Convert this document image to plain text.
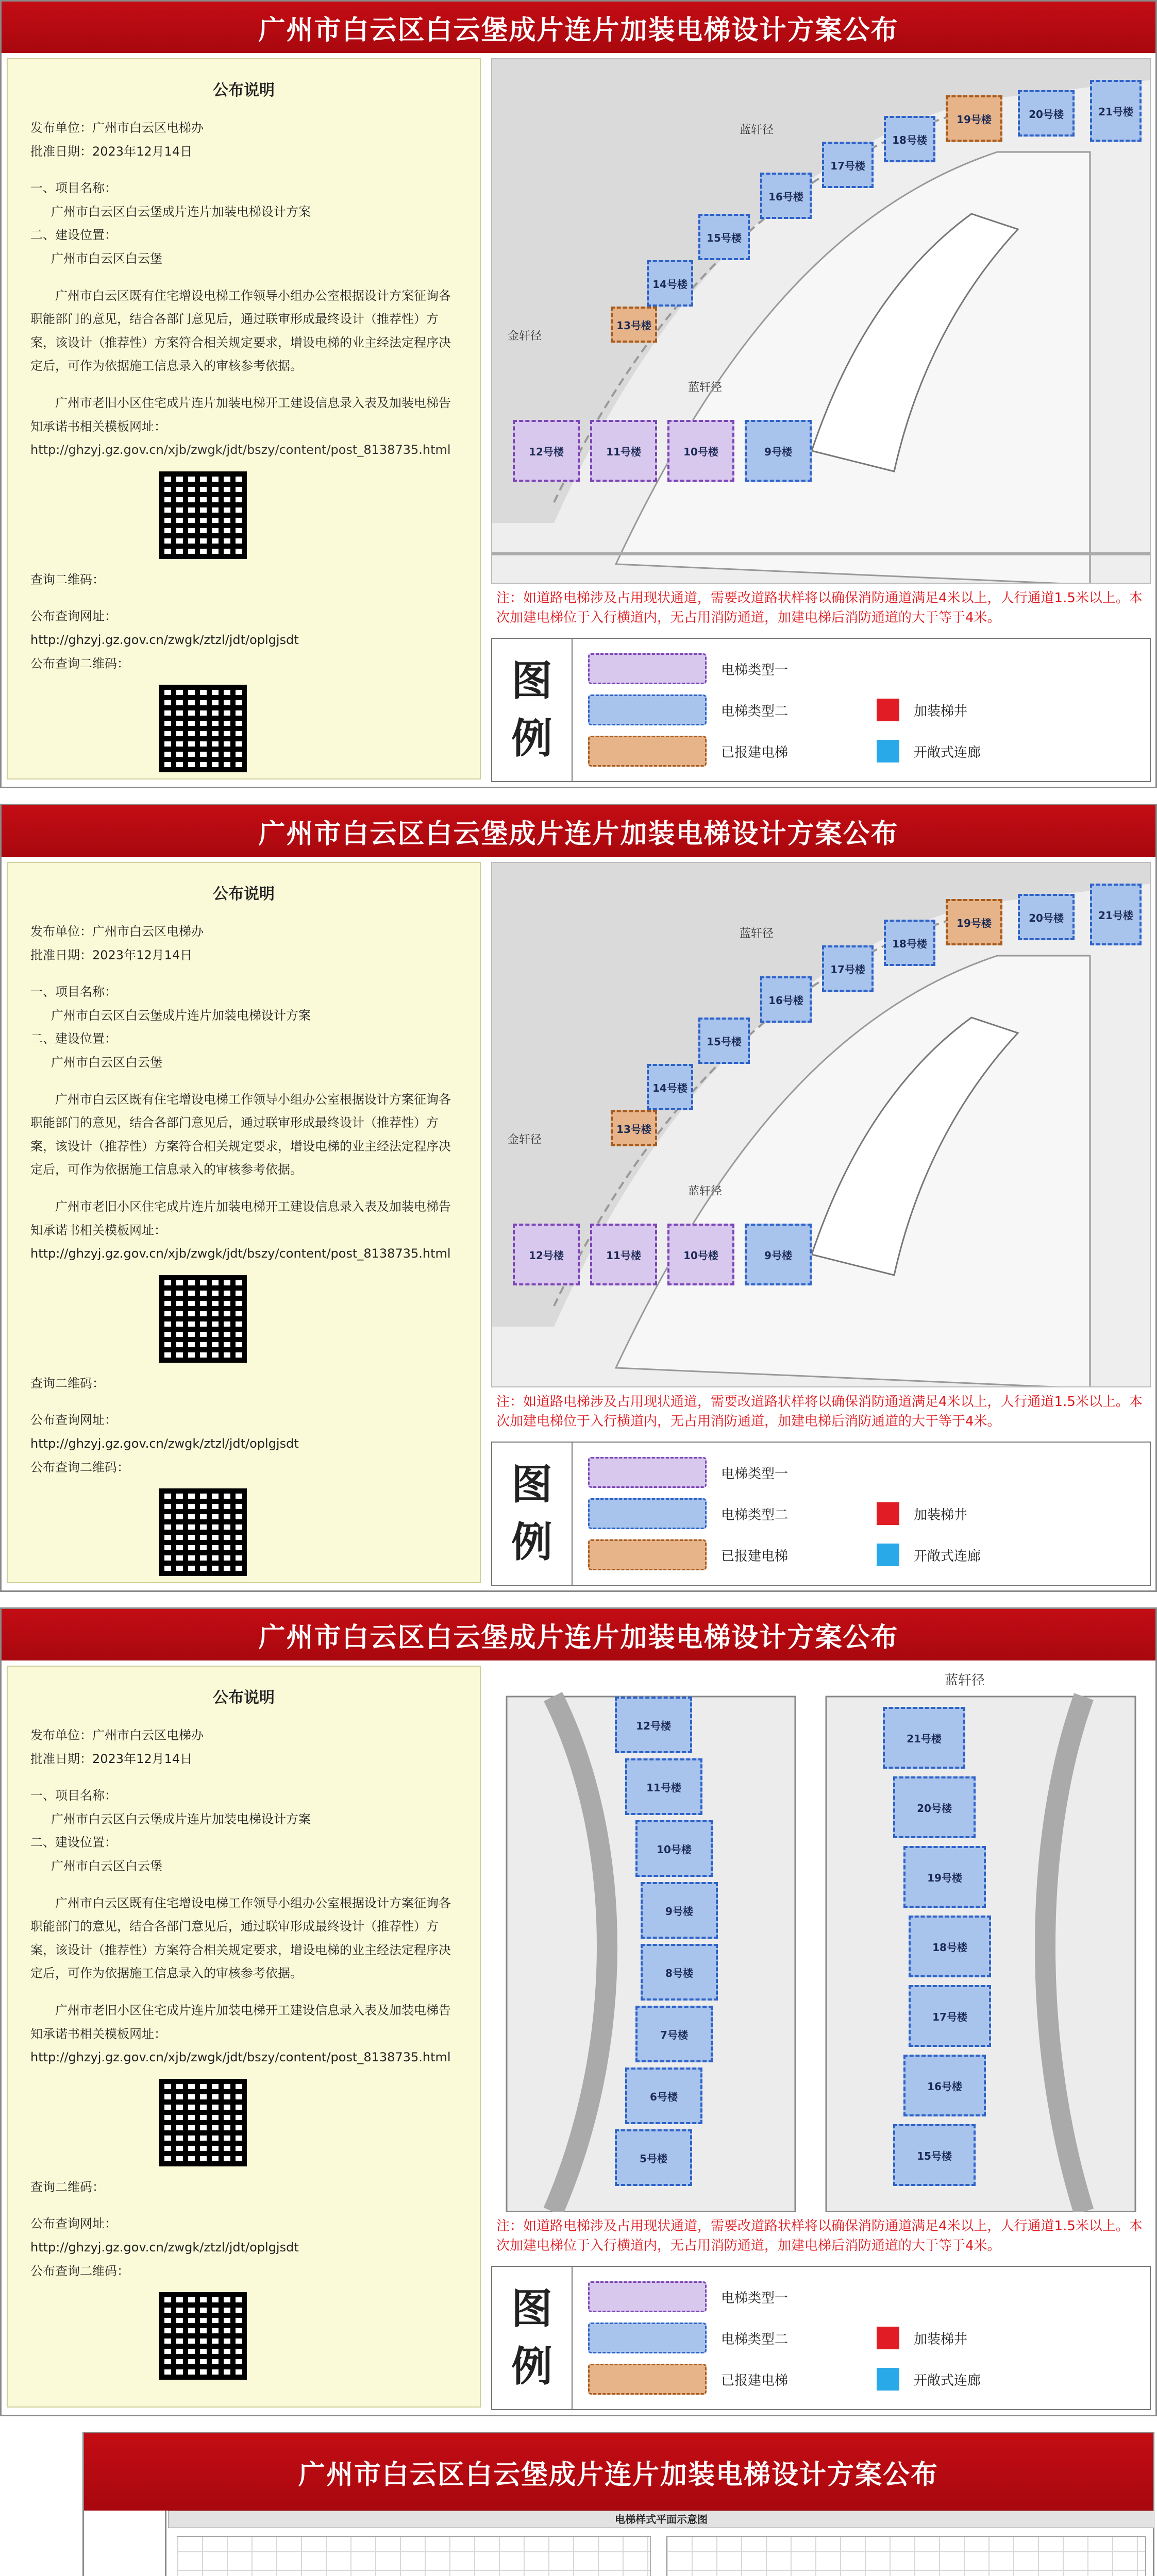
广州市白云区白云堡成片连片加装电梯设计方案公布
公布说明

发布单位：广州市白云区电梯办

批准日期：2023年12月14日

一、项目名称：

广州市白云区白云堡成片连片加装电梯设计方案

二、建设位置：

广州市白云区白云堡

广州市白云区既有住宅增设电梯工作领导小组办公室根据设计方案征询各职能部门的意见，结合各部门意见后，通过联审形成最终设计（推荐性）方案，该设计（推荐性）方案符合相关规定要求，增设电梯的业主经法定程序决定后，可作为依据施工信息录入的审核参考依据。

广州市老旧小区住宅成片连片加装电梯开工建设信息录入表及加装电梯告知承诺书相关模板网址：

http://ghzyj.gz.gov.cn/xjb/zwgk/jdt/bszy/content/post_8138735.html

查询二维码：

公布查询网址：

http://ghzyj.gz.gov.cn/zwgk/ztzl/jdt/oplgjsdt

公布查询二维码：

蓝轩径
蓝轩径
金轩径
20号楼	21号楼
19号楼
18号楼
17号楼
16号楼
15号楼
14号楼
13号楼
12号楼	11号楼	10号楼	9号楼
注：如道路电梯涉及占用现状通道，需要改道路状样将以确保消防通道满足4米以上，人行通道1.5米以上。本次加建电梯位于入行横道内，无占用消防通道，加建电梯后消防通道的大于等于4米。
图
例
电梯类型一
电梯类型二	加装梯井
已报建电梯	开敞式连廊
广州市白云区白云堡成片连片加装电梯设计方案公布
公布说明

发布单位：广州市白云区电梯办

批准日期：2023年12月14日

一、项目名称：

广州市白云区白云堡成片连片加装电梯设计方案

二、建设位置：

广州市白云区白云堡

广州市白云区既有住宅增设电梯工作领导小组办公室根据设计方案征询各职能部门的意见，结合各部门意见后，通过联审形成最终设计（推荐性）方案，该设计（推荐性）方案符合相关规定要求，增设电梯的业主经法定程序决定后，可作为依据施工信息录入的审核参考依据。

广州市老旧小区住宅成片连片加装电梯开工建设信息录入表及加装电梯告知承诺书相关模板网址：

http://ghzyj.gz.gov.cn/xjb/zwgk/jdt/bszy/content/post_8138735.html

查询二维码：

公布查询网址：

http://ghzyj.gz.gov.cn/zwgk/ztzl/jdt/oplgjsdt

公布查询二维码：

蓝轩径
蓝轩径
金轩径
20号楼	21号楼
19号楼
18号楼
17号楼
16号楼
15号楼
14号楼
13号楼
12号楼	11号楼	10号楼	9号楼
注：如道路电梯涉及占用现状通道，需要改道路状样将以确保消防通道满足4米以上，人行通道1.5米以上。本次加建电梯位于入行横道内，无占用消防通道，加建电梯后消防通道的大于等于4米。
图
例
电梯类型一
电梯类型二	加装梯井
已报建电梯	开敞式连廊
广州市白云区白云堡成片连片加装电梯设计方案公布
公布说明

发布单位：广州市白云区电梯办

批准日期：2023年12月14日

一、项目名称：

广州市白云区白云堡成片连片加装电梯设计方案

二、建设位置：

广州市白云区白云堡

广州市白云区既有住宅增设电梯工作领导小组办公室根据设计方案征询各职能部门的意见，结合各部门意见后，通过联审形成最终设计（推荐性）方案，该设计（推荐性）方案符合相关规定要求，增设电梯的业主经法定程序决定后，可作为依据施工信息录入的审核参考依据。

广州市老旧小区住宅成片连片加装电梯开工建设信息录入表及加装电梯告知承诺书相关模板网址：

http://ghzyj.gz.gov.cn/xjb/zwgk/jdt/bszy/content/post_8138735.html

查询二维码：

公布查询网址：

http://ghzyj.gz.gov.cn/zwgk/ztzl/jdt/oplgjsdt

公布查询二维码：

蓝轩径
12号楼
11号楼
10号楼
9号楼
8号楼
7号楼
6号楼
5号楼
21号楼
20号楼
19号楼
18号楼
17号楼
16号楼
15号楼
注：如道路电梯涉及占用现状通道，需要改道路状样将以确保消防通道满足4米以上，人行通道1.5米以上。本次加建电梯位于入行横道内，无占用消防通道，加建电梯后消防通道的大于等于4米。
图
例
电梯类型一
电梯类型二	加装梯井
已报建电梯	开敞式连廊
广州市白云区白云堡成片连片加装电梯设计方案公布
电梯样式平面示意图
